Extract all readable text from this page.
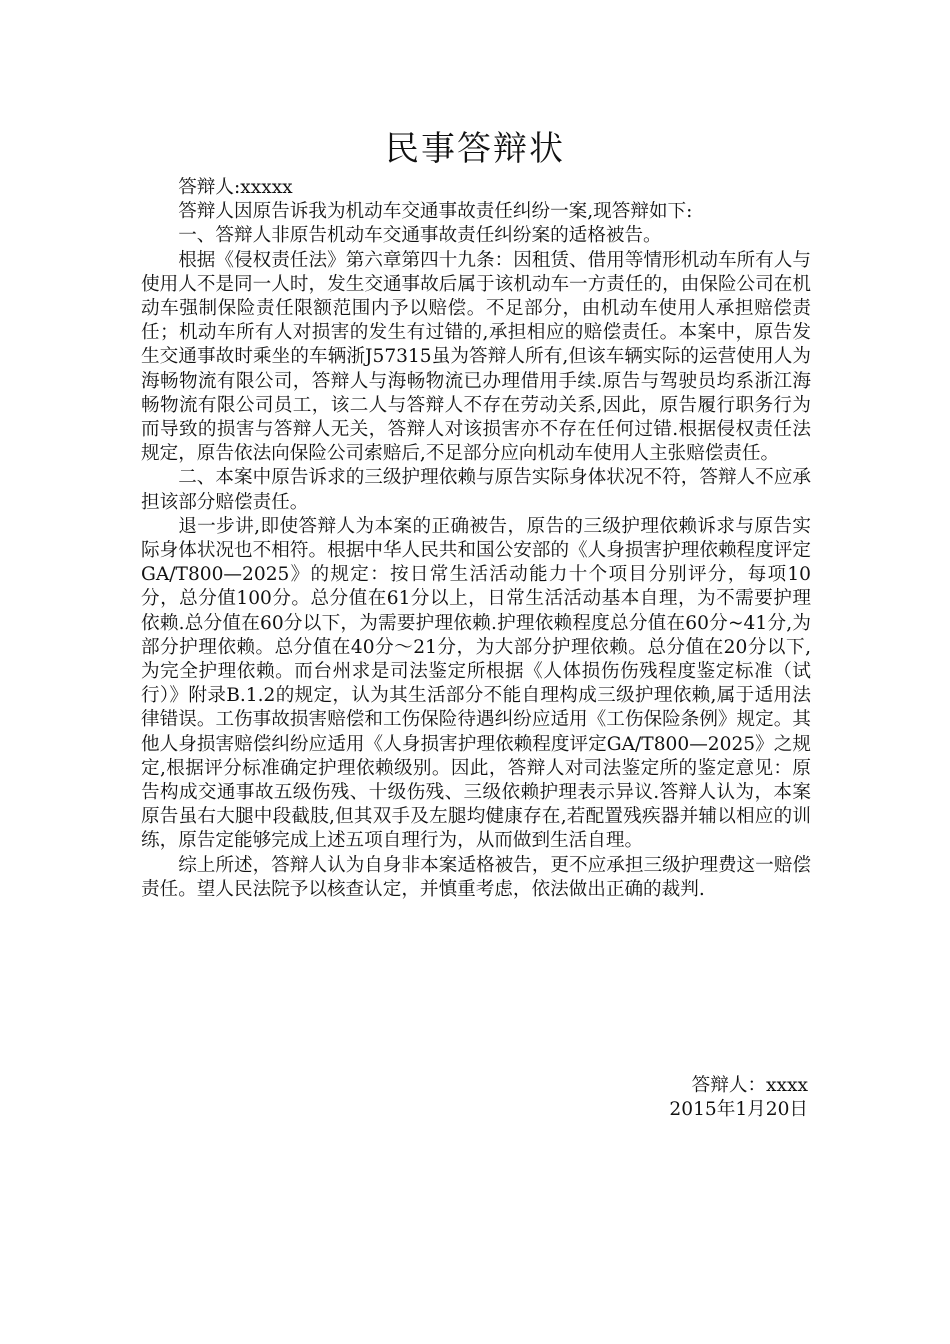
民事答辩状

答辩人:xxxxx

答辩人因原告诉我为机动车交通事故责任纠纷一案,现答辩如下:

一、答辩人非原告机动车交通事故责任纠纷案的适格被告。

根据《侵权责任法》第六章第四十九条：因租赁、借用等情形机动车所有人与使用人不是同一人时，发生交通事故后属于该机动车一方责任的，由保险公司在机动车强制保险责任限额范围内予以赔偿。不足部分，由机动车使用人承担赔偿责任；机动车所有人对损害的发生有过错的,承担相应的赔偿责任。本案中，原告发生交通事故时乘坐的车辆浙J57315虽为答辩人所有,但该车辆实际的运营使用人为海畅物流有限公司，答辩人与海畅物流已办理借用手续.原告与驾驶员均系浙江海畅物流有限公司员工，该二人与答辩人不存在劳动关系,因此，原告履行职务行为而导致的损害与答辩人无关，答辩人对该损害亦不存在任何过错.根据侵权责任法规定，原告依法向保险公司索赔后,不足部分应向机动车使用人主张赔偿责任。

二、本案中原告诉求的三级护理依赖与原告实际身体状况不符，答辩人不应承担该部分赔偿责任。

退一步讲,即使答辩人为本案的正确被告，原告的三级护理依赖诉求与原告实际身体状况也不相符。根据中华人民共和国公安部的《人身损害护理依赖程度评定GA/T800—2025》的规定：按日常生活活动能力十个项目分别评分，每项10分，总分值100分。总分值在61分以上，日常生活活动基本自理，为不需要护理依赖.总分值在60分以下，为需要护理依赖.护理依赖程度总分值在60分~41分,为部分护理依赖。总分值在40分～21分，为大部分护理依赖。总分值在20分以下,为完全护理依赖。而台州求是司法鉴定所根据《人体损伤伤残程度鉴定标准（试行）》附录B.1.2的规定，认为其生活部分不能自理构成三级护理依赖,属于适用法律错误。工伤事故损害赔偿和工伤保险待遇纠纷应适用《工伤保险条例》规定。其他人身损害赔偿纠纷应适用《人身损害护理依赖程度评定GA/T800—2025》之规定,根据评分标准确定护理依赖级别。因此，答辩人对司法鉴定所的鉴定意见：原告构成交通事故五级伤残、十级伤残、三级依赖护理表示异议.答辩人认为，本案原告虽右大腿中段截肢,但其双手及左腿均健康存在,若配置残疾器并辅以相应的训练，原告定能够完成上述五项自理行为，从而做到生活自理。

综上所述，答辩人认为自身非本案适格被告，更不应承担三级护理费这一赔偿责任。望人民法院予以核查认定，并慎重考虑，依法做出正确的裁判.

答辩人：xxxx
2015年1月20日
